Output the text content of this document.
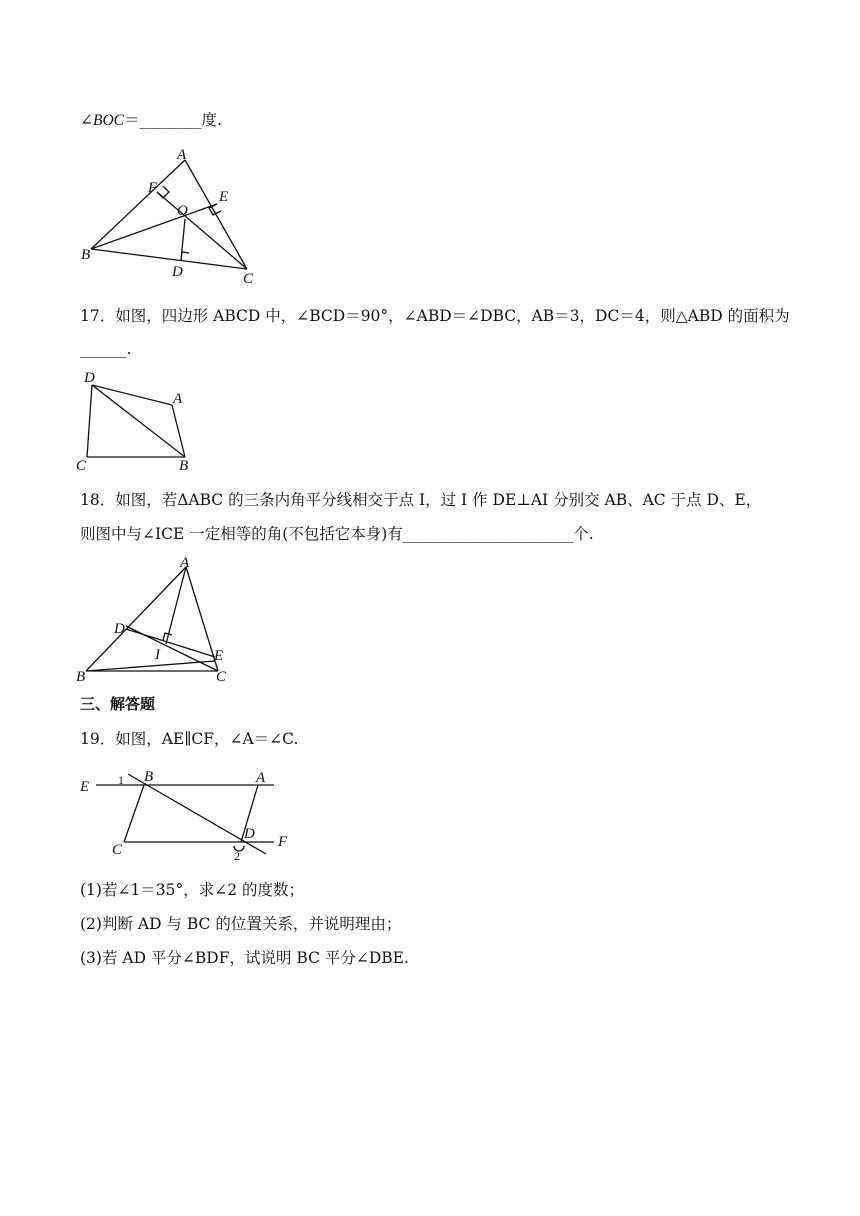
∠BOC＝________度.
A
F
E
O
B
D	C
17．如图，四边形 ABCD 中，∠BCD＝90°，∠ABD＝∠DBC，AB＝3，DC＝4，则△ABD 的面积为
______.
D
A
C	B
18．如图，若ΔABC 的三条内角平分线相交于点 I，过 I 作 DE⊥AI 分别交 AB、AC 于点 D、E，
则图中与∠ICE 一定相等的角(不包括它本身)有______________________个.
A
D
I	E
B	C
三、解答题
19．如图，AE∥CF，∠A＝∠C.
E 1 B	A
C
D
2
F
(1)若∠1＝35°，求∠2 的度数；
(2)判断 AD 与 BC 的位置关系，并说明理由；
(3)若 AD 平分∠BDF，试说明 BC 平分∠DBE.
